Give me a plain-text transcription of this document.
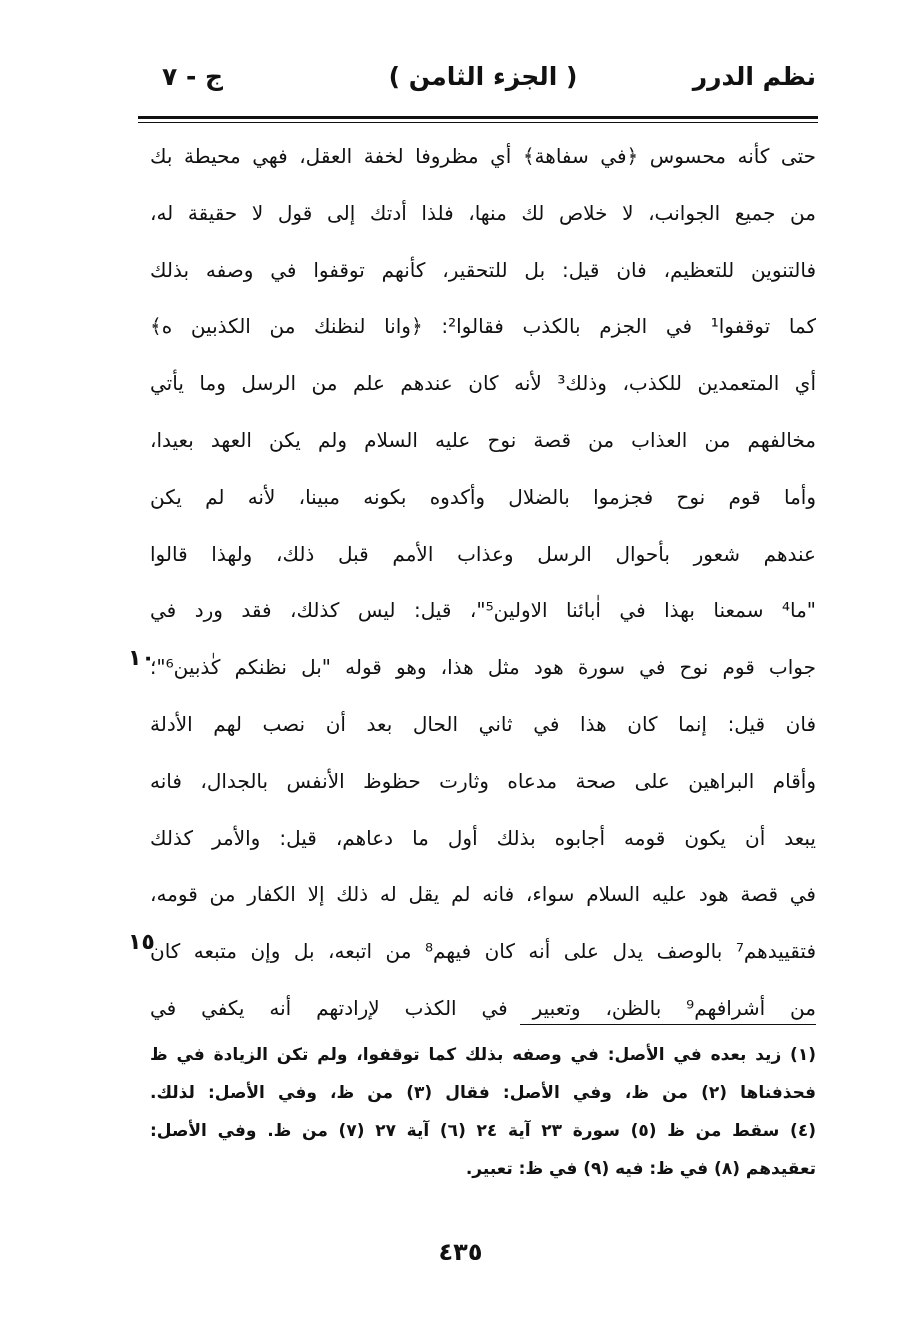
نظم الدرر
( الجزء الثامن )
ج - ٧
حتى كأنه محسوس ﴿في سفاهة﴾ أي مظروفا لخفة العقل، فهي محيطة بك
من جميع الجوانب، لا خلاص لك منها، فلذا أدتك إلى قول لا حقيقة له،
فالتنوين للتعظيم، فان قيل: بل للتحقير، كأنهم توقفوا في وصفه بذلك
كما توقفوا¹ في الجزم بالكذب فقالوا²: ﴿وانا لنظنك من الكذبين ه﴾
أي المتعمدين للكذب، وذلك³ لأنه كان عندهم علم من الرسل وما يأتي
مخالفهم من العذاب من قصة نوح عليه السلام ولم يكن العهد بعيدا،
وأما قوم نوح فجزموا بالضلال وأكدوه بكونه مبينا، لأنه لم يكن
عندهم شعور بأحوال الرسل وعذاب الأمم قبل ذلك، ولهذا قالوا
"ما⁴ سمعنا بهذا في اٰبائنا الاولين⁵"، قيل: ليس كذلك، فقد ورد في
جواب قوم نوح في سورة هود مثل هذا، وهو قوله "بل نظنكم كٰذبين⁶"؛
فان قيل: إنما كان هذا في ثاني الحال بعد أن نصب لهم الأدلة
وأقام البراهين على صحة مدعاه وثارت حظوظ الأنفس بالجدال، فانه
يبعد أن يكون قومه أجابوه بذلك أول ما دعاهم، قيل: والأمر كذلك
في قصة هود عليه السلام سواء، فانه لم يقل له ذلك إلا الكفار من قومه،
فتقييدهم⁷ بالوصف يدل على أنه كان فيهم⁸ من اتبعه، بل وإن متبعه كان
من أشرافهم⁹ بالظن، وتعبير في الكذب لإرادتهم أنه يكفي في
١٠
١٥
(١) زيد بعده في الأصل: في وصفه بذلك كما توقفوا، ولم تكن الزيادة في ظ
فحذفناها (٢) من ظ، وفي الأصل: فقال (٣) من ظ، وفي الأصل: لذلك.
(٤) سقط من ظ (٥) سورة ٢٣ آية ٢٤ (٦) آية ٢٧ (٧) من ظ. وفي الأصل:
تعقيدهم (٨) في ظ: فيه (٩) في ظ: تعبير.
٤٣٥
